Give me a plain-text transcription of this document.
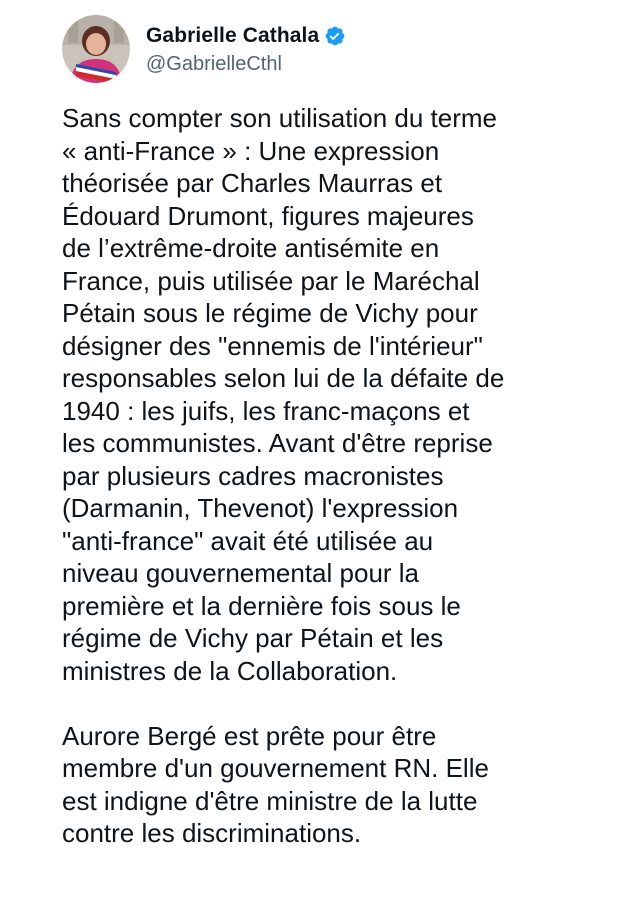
Gabrielle Cathala
@GabrielleCthl
Sans compter son utilisation du terme
« anti-France » : Une expression
théorisée par Charles Maurras et
Édouard Drumont, figures majeures
de l’extrême-droite antisémite en
France, puis utilisée par le Maréchal
Pétain sous le régime de Vichy pour
désigner des "ennemis de l'intérieur"
responsables selon lui de la défaite de
1940 : les juifs, les franc-maçons et
les communistes. Avant d'être reprise
par plusieurs cadres macronistes
(Darmanin, Thevenot) l'expression
"anti-france" avait été utilisée au
niveau gouvernemental pour la
première et la dernière fois sous le
régime de Vichy par Pétain et les
ministres de la Collaboration.
Aurore Bergé est prête pour être
membre d'un gouvernement RN. Elle
est indigne d'être ministre de la lutte
contre les discriminations.
